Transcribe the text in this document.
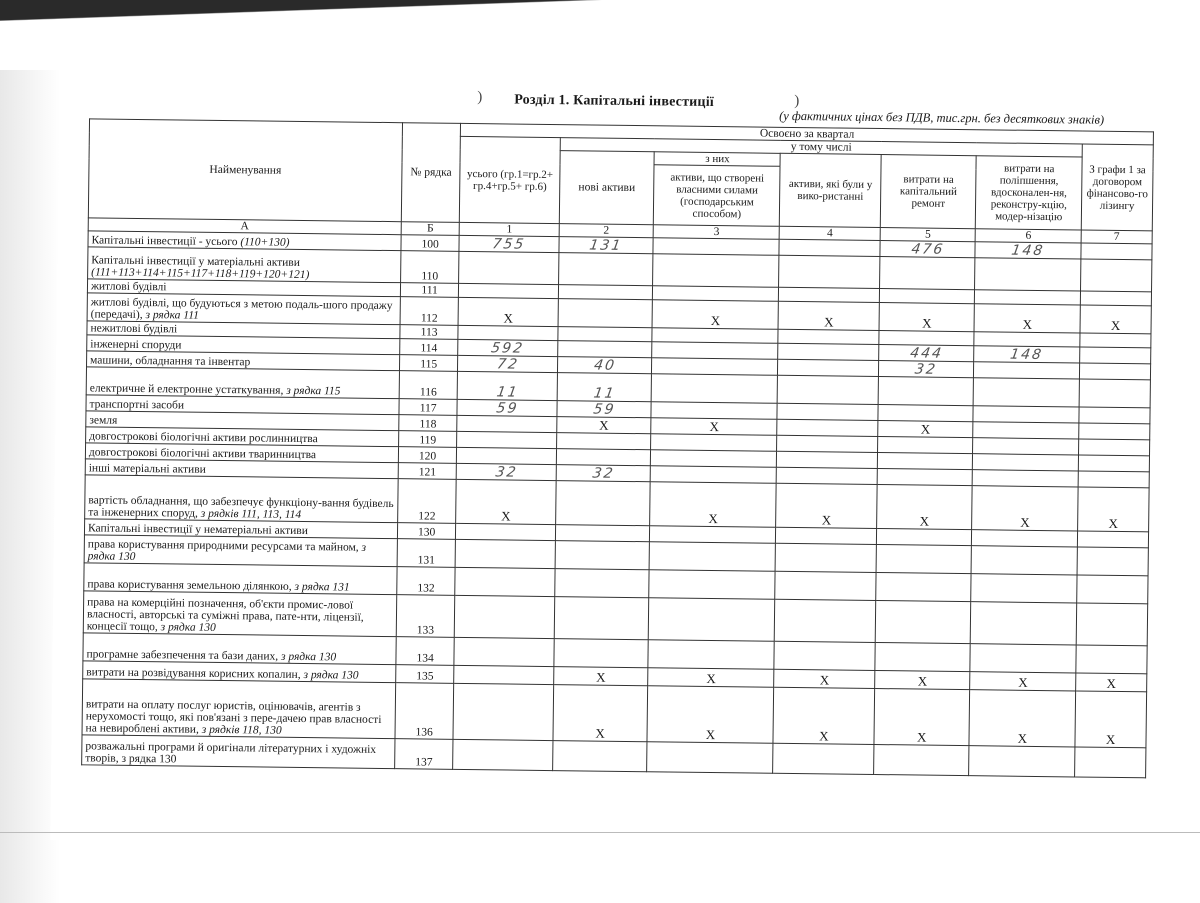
) Розділ 1. Капітальні інвестиції	)
(у фактичних цінах без ПДВ, тис.грн. без десяткових знаків)
Найменування	№ рядка	Освоєно за квартал						
		усього (гр.1=гр.2+ гр.4+гр.5+ гр.6)	у тому числі					З графи 1 за договором фінансово-го лізингу
			нові активи	з них	активи, які були у вико-ристанні	витрати на капітальний ремонт	витрати на поліпшення, вдосконален-ня, реконстру-кцію, модер-нізацію	
				активи, що створені власними силами (господарським способом)				
А	Б	1	2	3	4	5	6	7
Капітальні інвестиції - усього (110+130)	100	755	131			476	148	
Капітальні інвестиції у матеріальні активи (111+113+114+115+117+118+119+120+121)	110							
житлові будівлі	111							
житлові будівлі, що будуються з метою подаль-шого продажу (передачі), з рядка 111	112	X		X	X	X	X	X
нежитлові будівлі	113							
інженерні споруди	114	592				444	148	
машини, обладнання та інвентар	115	72	40			32		
електричне й електронне устаткування, з рядка 115	116	11	11					
транспортні засоби	117	59	59					
земля	118		X	X		X		
довгострокові біологічні активи рослинництва	119							
довгострокові біологічні активи тваринництва	120							
інші матеріальні активи	121	32	32					
вартість обладнання, що забезпечує функціону-вання будівель та інженерних споруд, з рядків 111, 113, 114	122	X		X	X	X	X	X
Капітальні інвестиції у нематеріальні активи	130							
права користування природними ресурсами та майном, з рядка 130	131							
права користування земельною ділянкою, з рядка 131	132							
права на комерційні позначення, об'єкти промис-лової власності, авторські та суміжні права, пате-нти, ліцензії, концесії тощо, з рядка 130	133							
програмне забезпечення та бази даних, з рядка 130	134							
витрати на розвідування корисних копалин, з рядка 130	135		X	X	X	X	X	X
витрати на оплату послуг юристів, оцінювачів, агентів з нерухомості тощо, які пов'язані з пере-дачею прав власності на невироблені активи, з рядків 118, 130	136		X	X	X	X	X	X
розважальні програми й оригінали літературних і художніх творів, з рядка 130	137							
